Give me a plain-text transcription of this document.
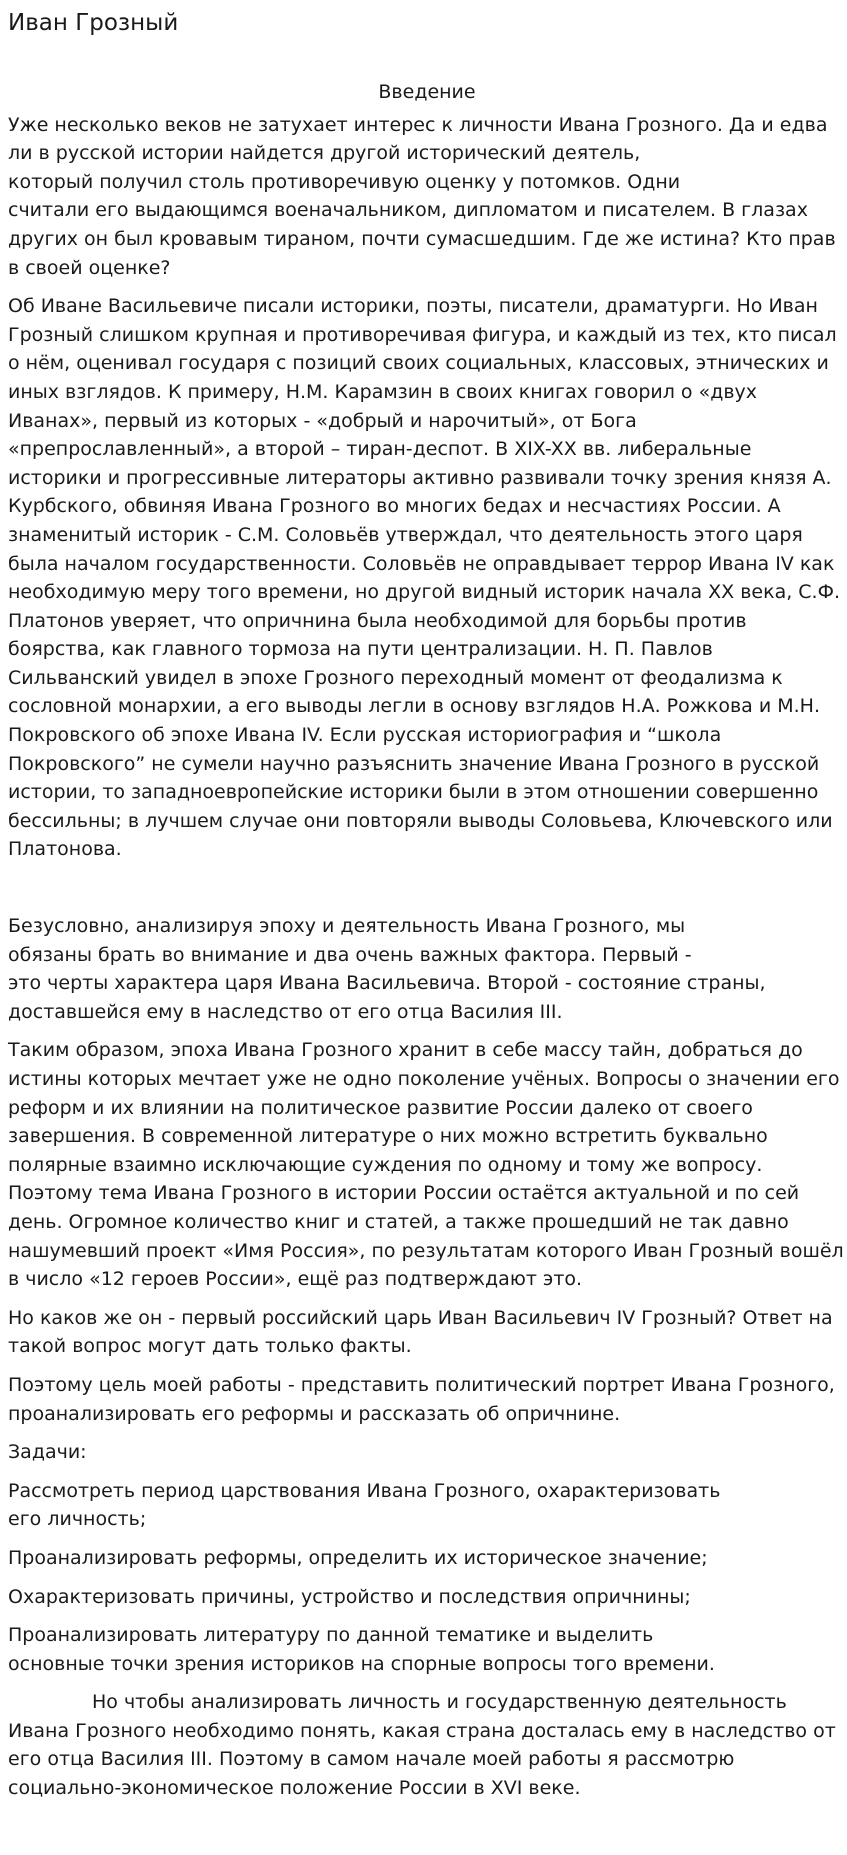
Иван Грозный
Введение

Уже несколько веков не затухает интерес к личности Ивана Грозного. Да и едва ли в русской истории найдется другой исторический деятель,
который получил столь противоречивую оценку у потомков. Одни
считали его выдающимся военачальником, дипломатом и писателем. В глазах других он был кровавым тираном, почти сумасшедшим. Где же истина? Кто прав в своей оценке?

Об Иване Васильевиче писали историки, поэты, писатели, драматурги. Но Иван Грозный слишком крупная и противоречивая фигура, и каждый из тех, кто писал о нём, оценивал государя с позиций своих социальных, классовых, этнических и иных взглядов. К примеру, Н.М. Карамзин в своих книгах говорил о «двух Иванах», первый из которых - «добрый и нарочитый», от Бога «препрославленный», а второй – тиран-деспот. В XIX-XX вв. либеральные историки и прогрессивные литераторы активно развивали точку зрения князя А. Курбского, обвиняя Ивана Грозного во многих бедах и несчастиях России. А знаменитый историк - С.М. Соловьёв утверждал, что деятельность этого царя была началом государственности. Соловьёв не оправдывает террор Ивана IV как необходимую меру того времени, но другой видный историк начала XX века, С.Ф. Платонов уверяет, что опричнина была необходимой для борьбы против боярства, как главного тормоза на пути централизации. Н. П. Павлов Сильванский увидел в эпохе Грозного переходный момент от феодализма к сословной монархии, а его выводы легли в основу взглядов Н.А. Рожкова и М.Н. Покровского об эпохе Ивана IV. Если русская историография и “школа Покровского” не сумели научно разъяснить значение Ивана Грозного в русской истории, то западноевропейские историки были в этом отношении совершенно бессильны; в лучшем случае они повторяли выводы Соловьева, Ключевского или Платонова.

Безусловно, анализируя эпоху и деятельность Ивана Грозного, мы
обязаны брать во внимание и два очень важных фактора. Первый -
это черты характера царя Ивана Васильевича. Второй - состояние страны, доставшейся ему в наследство от его отца Василия III.

Таким образом, эпоха Ивана Грозного хранит в себе массу тайн, добраться до истины которых мечтает уже не одно поколение учёных. Вопросы о значении его реформ и их влиянии на политическое развитие России далеко от своего завершения. В современной литературе о них можно встретить буквально полярные взаимно исключающие суждения по одному и тому же вопросу. Поэтому тема Ивана Грозного в истории России остаётся актуальной и по сей день. Огромное количество книг и статей, а также прошедший не так давно нашумевший проект «Имя Россия», по результатам которого Иван Грозный вошёл в число «12 героев России», ещё раз подтверждают это.

Но каков же он - первый российский царь Иван Васильевич IV Грозный? Ответ на такой вопрос могут дать только факты.

Поэтому цель моей работы - представить политический портрет Ивана Грозного, проанализировать его реформы и рассказать об опричнине.

Задачи:

Рассмотреть период царствования Ивана Грозного, охарактеризовать
его личность;

Проанализировать реформы, определить их историческое значение;

Охарактеризовать причины, устройство и последствия опричнины;

Проанализировать литературу по данной тематике и выделить
основные точки зрения историков на спорные вопросы того времени.

Но чтобы анализировать личность и государственную деятельность Ивана Грозного необходимо понять, какая страна досталась ему в наследство от его отца Василия III. Поэтому в самом начале моей работы я рассмотрю социально-экономическое положение России в XVI веке.
